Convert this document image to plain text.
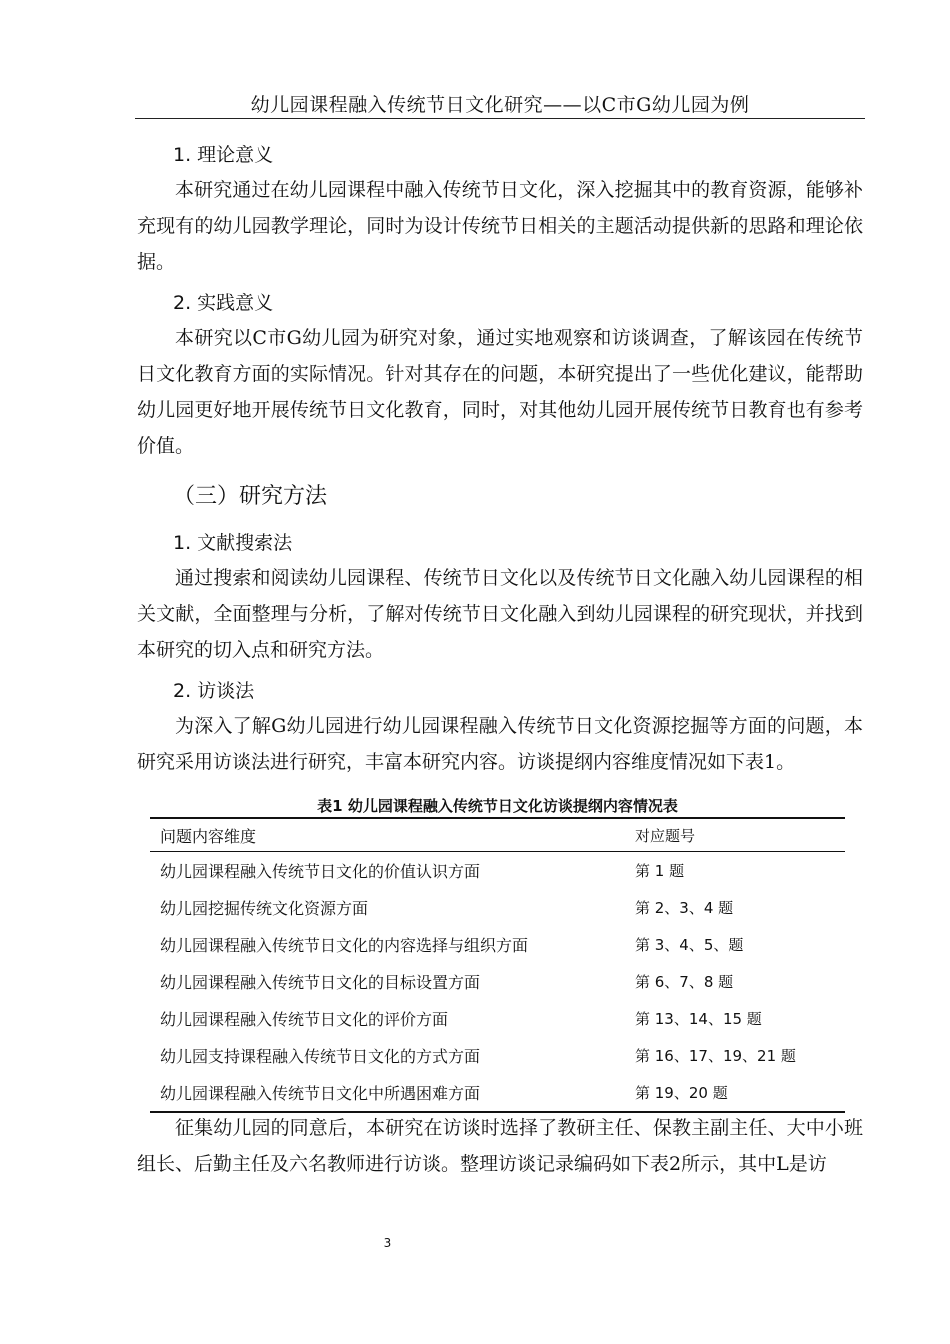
幼儿园课程融入传统节日文化研究——以C市G幼儿园为例
1. 理论意义

本研究通过在幼儿园课程中融入传统节日文化，深入挖掘其中的教育资源，能够补充现有的幼儿园教学理论，同时为设计传统节日相关的主题活动提供新的思路和理论依据。

2. 实践意义

本研究以C市G幼儿园为研究对象，通过实地观察和访谈调查，了解该园在传统节日文化教育方面的实际情况。针对其存在的问题，本研究提出了一些优化建议，能帮助幼儿园更好地开展传统节日文化教育，同时，对其他幼儿园开展传统节日教育也有参考价值。

（三）研究方法
1. 文献搜索法

通过搜索和阅读幼儿园课程、传统节日文化以及传统节日文化融入幼儿园课程的相关文献，全面整理与分析，了解对传统节日文化融入到幼儿园课程的研究现状，并找到本研究的切入点和研究方法。

2. 访谈法

为深入了解G幼儿园进行幼儿园课程融入传统节日文化资源挖掘等方面的问题，本研究采用访谈法进行研究，丰富本研究内容。访谈提纲内容维度情况如下表1。

表1 幼儿园课程融入传统节日文化访谈提纲内容情况表
问题内容维度	对应题号
幼儿园课程融入传统节日文化的价值认识方面	第 1 题
幼儿园挖掘传统文化资源方面	第 2、3、4 题
幼儿园课程融入传统节日文化的内容选择与组织方面	第 3、4、5、题
幼儿园课程融入传统节日文化的目标设置方面	第 6、7、8 题
幼儿园课程融入传统节日文化的评价方面	第 13、14、15 题
幼儿园支持课程融入传统节日文化的方式方面	第 16、17、19、21 题
幼儿园课程融入传统节日文化中所遇困难方面	第 19、20 题

征集幼儿园的同意后，本研究在访谈时选择了教研主任、保教主副主任、大中小班组长、后勤主任及六名教师进行访谈。整理访谈记录编码如下表2所示，其中L是访

3
